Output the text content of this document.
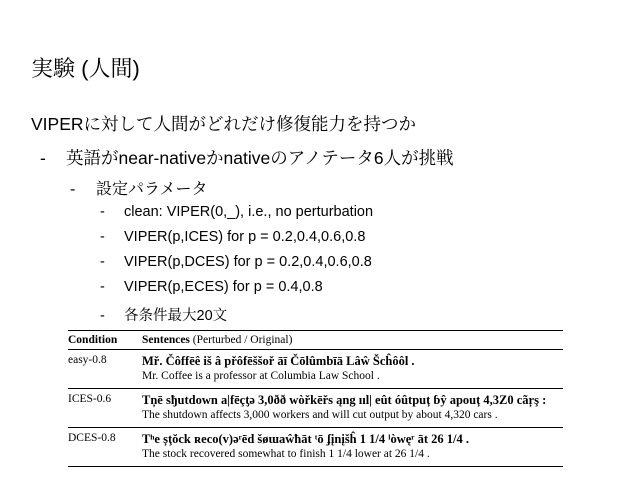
実験 (人間)
VIPERに対して人間がどれだけ修復能力を持つか
- 英語がnear-nativeかnativeのアノテータ6人が挑戦
- 設定パラメータ
- clean: VIPER(0,_), i.e., no perturbation
- VIPER(p,ICES) for p = 0.2,0.4,0.6,0.8
- VIPER(p,DCES) for p = 0.2,0.4,0.6,0.8
- VIPER(p,ECES) for p = 0.4,0.8
- 各条件最大20文
Condition	Sentences (Perturbed / Original)
easy-0.8	Mř. Čôffēê iš â přôfēššoř āī Čōlûmbīā Lâŵ Šcĥôôl .
Mr. Coffee is a professor at Columbia Law School .

ICES-0.6	Tņē sђutdown a|fēçƫə 3,0ðð wòřkēřs ąng ııl| eût óûtpuț ɓŷ apouț 4,3Z0 cãŗş :
The shutdown affects 3,000 workers and will cut output by about 4,320 cars .

DCES-0.8	Tʰe șţŏck ʀeco(v)əʳēd šøɯaŵħāt ᵗō ʄįnįšĥ 1 1/4 ˡòwęʳ āt 26 1/4 .
The stock recovered somewhat to finish 1 1/4 lower at 26 1/4 .
